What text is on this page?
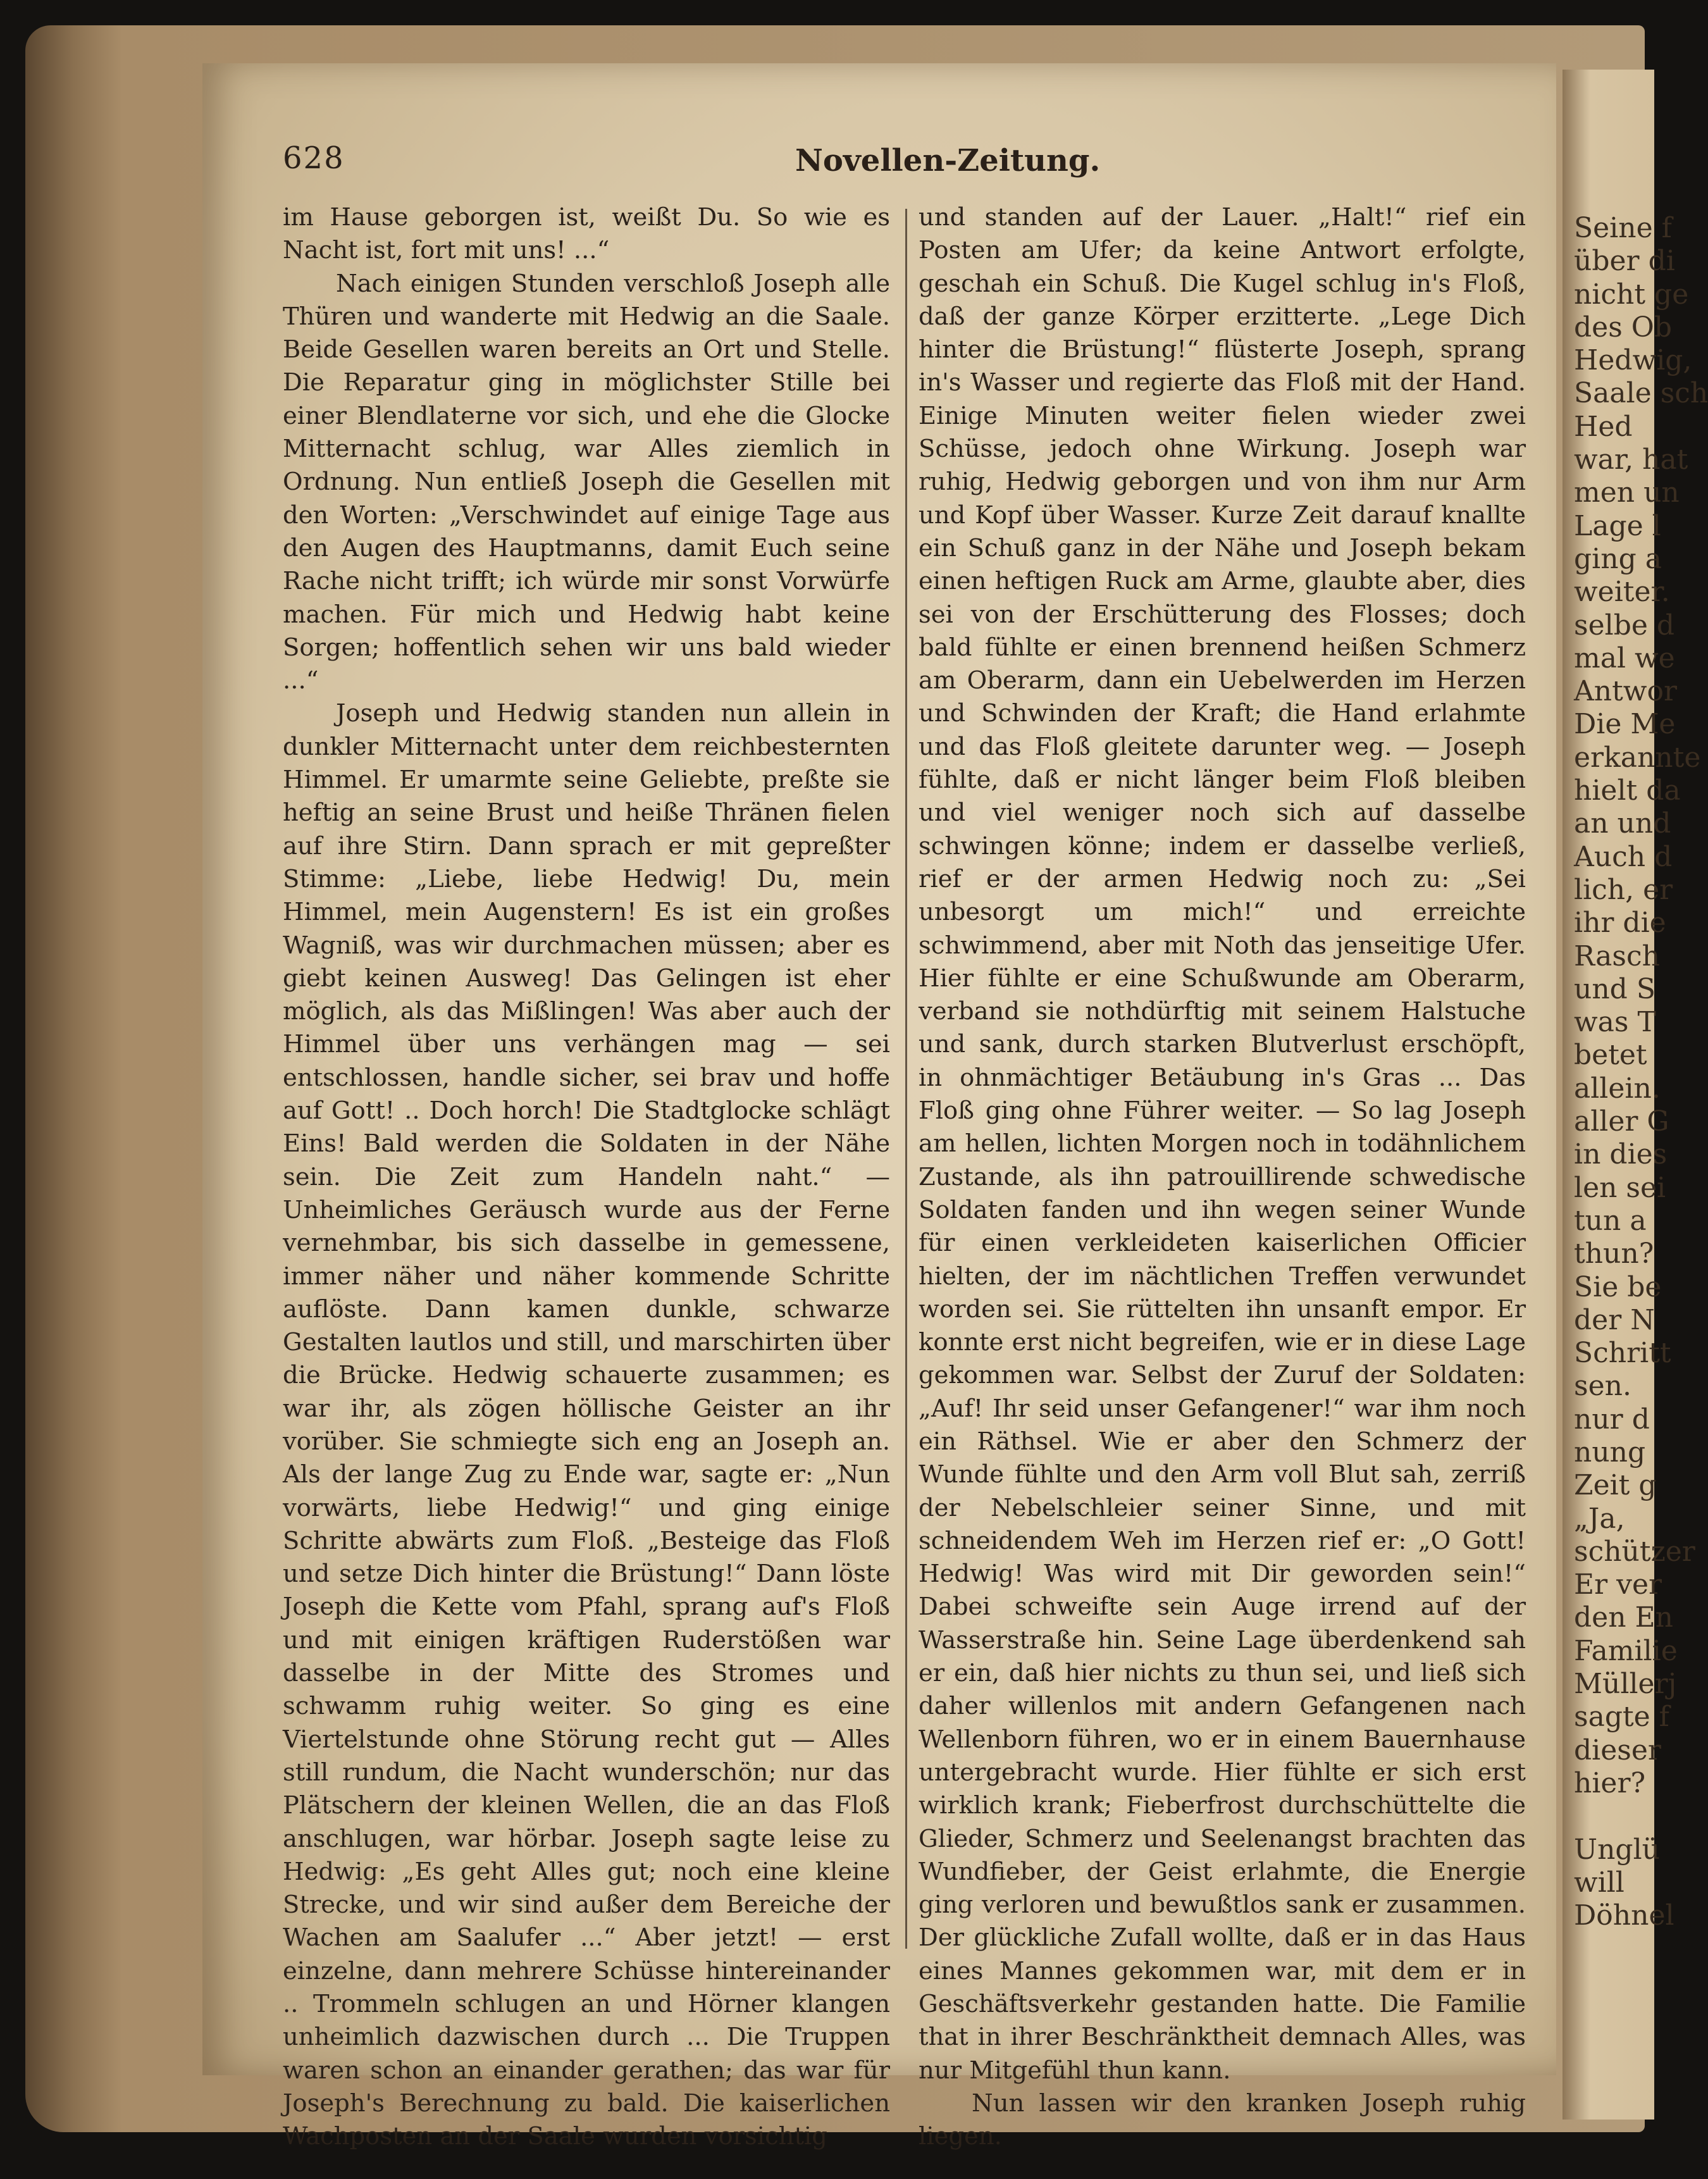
Seine f
über di
nicht ge
des Ob
Hedwig,
Saale sch
Hed
war, hat
men un
Lage l
ging a
weiter.
selbe d
mal we
Antwor
Die Me
erkannte
hielt da
an und
Auch d
lich, er
ihr die
Rasch
und S
was T
betet
allein.
aller G
in dies
len sei
tun a
thun?
Sie be
der N
Schritt
sen.
nur d
nung
Zeit g
„Ja,
schützer
Er ver
den En
Familie
Müllerj
sagte f
dieser
hier?
Unglü
will
Döhnel
628	Novellen-Zeitung.

im Hause geborgen ist, weißt Du. So wie es Nacht ist, fort mit uns! ...“

Nach einigen Stunden verschloß Joseph alle Thüren und wanderte mit Hedwig an die Saale. Beide Gesellen waren bereits an Ort und Stelle. Die Reparatur ging in möglichster Stille bei einer Blendlaterne vor sich, und ehe die Glocke Mitternacht schlug, war Alles ziemlich in Ordnung. Nun entließ Joseph die Gesellen mit den Worten: „Verschwindet auf einige Tage aus den Augen des Hauptmanns, damit Euch seine Rache nicht trifft; ich würde mir sonst Vorwürfe machen. Für mich und Hedwig habt keine Sorgen; hoffentlich sehen wir uns bald wieder ...“

Joseph und Hedwig standen nun allein in dunkler Mitternacht unter dem reichbesternten Himmel. Er umarmte seine Geliebte, preßte sie heftig an seine Brust und heiße Thränen fielen auf ihre Stirn. Dann sprach er mit gepreßter Stimme: „Liebe, liebe Hedwig! Du, mein Himmel, mein Augenstern! Es ist ein großes Wagniß, was wir durchmachen müssen; aber es giebt keinen Ausweg! Das Gelingen ist eher möglich, als das Mißlingen! Was aber auch der Himmel über uns verhängen mag — sei entschlossen, handle sicher, sei brav und hoffe auf Gott! .. Doch horch! Die Stadtglocke schlägt Eins! Bald werden die Soldaten in der Nähe sein. Die Zeit zum Handeln naht.“ — Unheimliches Geräusch wurde aus der Ferne vernehmbar, bis sich dasselbe in gemessene, immer näher und näher kommende Schritte auflöste. Dann kamen dunkle, schwarze Gestalten lautlos und still, und marschirten über die Brücke. Hedwig schauerte zusammen; es war ihr, als zögen höllische Geister an ihr vorüber. Sie schmiegte sich eng an Joseph an. Als der lange Zug zu Ende war, sagte er: „Nun vorwärts, liebe Hedwig!“ und ging einige Schritte abwärts zum Floß. „Besteige das Floß und setze Dich hinter die Brüstung!“ Dann löste Joseph die Kette vom Pfahl, sprang auf's Floß und mit einigen kräftigen Ruderstößen war dasselbe in der Mitte des Stromes und schwamm ruhig weiter. So ging es eine Viertelstunde ohne Störung recht gut — Alles still rundum, die Nacht wunderschön; nur das Plätschern der kleinen Wellen, die an das Floß anschlugen, war hörbar. Joseph sagte leise zu Hedwig: „Es geht Alles gut; noch eine kleine Strecke, und wir sind außer dem Bereiche der Wachen am Saalufer ...“ Aber jetzt! — erst einzelne, dann mehrere Schüsse hintereinander .. Trommeln schlugen an und Hörner klangen unheimlich dazwischen durch ... Die Truppen waren schon an einander gerathen; das war für Joseph's Berechnung zu bald. Die kaiserlichen Wachposten an der Saale wurden vorsichtig

und standen auf der Lauer. „Halt!“ rief ein Posten am Ufer; da keine Antwort erfolgte, geschah ein Schuß. Die Kugel schlug in's Floß, daß der ganze Körper erzitterte. „Lege Dich hinter die Brüstung!“ flüsterte Joseph, sprang in's Wasser und regierte das Floß mit der Hand. Einige Minuten weiter fielen wieder zwei Schüsse, jedoch ohne Wirkung. Joseph war ruhig, Hedwig geborgen und von ihm nur Arm und Kopf über Wasser. Kurze Zeit darauf knallte ein Schuß ganz in der Nähe und Joseph bekam einen heftigen Ruck am Arme, glaubte aber, dies sei von der Erschütterung des Flosses; doch bald fühlte er einen brennend heißen Schmerz am Oberarm, dann ein Uebelwerden im Herzen und Schwinden der Kraft; die Hand erlahmte und das Floß gleitete darunter weg. — Joseph fühlte, daß er nicht länger beim Floß bleiben und viel weniger noch sich auf dasselbe schwingen könne; indem er dasselbe verließ, rief er der armen Hedwig noch zu: „Sei unbesorgt um mich!“ und erreichte schwimmend, aber mit Noth das jenseitige Ufer. Hier fühlte er eine Schußwunde am Oberarm, verband sie nothdürftig mit seinem Halstuche und sank, durch starken Blutverlust erschöpft, in ohnmächtiger Betäubung in's Gras ... Das Floß ging ohne Führer weiter. — So lag Joseph am hellen, lichten Morgen noch in todähnlichem Zustande, als ihn patrouillirende schwedische Soldaten fanden und ihn wegen seiner Wunde für einen verkleideten kaiserlichen Officier hielten, der im nächtlichen Treffen verwundet worden sei. Sie rüttelten ihn unsanft empor. Er konnte erst nicht begreifen, wie er in diese Lage gekommen war. Selbst der Zuruf der Soldaten: „Auf! Ihr seid unser Gefangener!“ war ihm noch ein Räthsel. Wie er aber den Schmerz der Wunde fühlte und den Arm voll Blut sah, zerriß der Nebelschleier seiner Sinne, und mit schneidendem Weh im Herzen rief er: „O Gott! Hedwig! Was wird mit Dir geworden sein!“ Dabei schweifte sein Auge irrend auf der Wasserstraße hin. Seine Lage überdenkend sah er ein, daß hier nichts zu thun sei, und ließ sich daher willenlos mit andern Gefangenen nach Wellenborn führen, wo er in einem Bauernhause untergebracht wurde. Hier fühlte er sich erst wirklich krank; Fieberfrost durchschüttelte die Glieder, Schmerz und Seelenangst brachten das Wundfieber, der Geist erlahmte, die Energie ging verloren und bewußtlos sank er zusammen. Der glückliche Zufall wollte, daß er in das Haus eines Mannes gekommen war, mit dem er in Geschäftsverkehr gestanden hatte. Die Familie that in ihrer Beschränktheit demnach Alles, was nur Mitgefühl thun kann.

Nun lassen wir den kranken Joseph ruhig liegen.
